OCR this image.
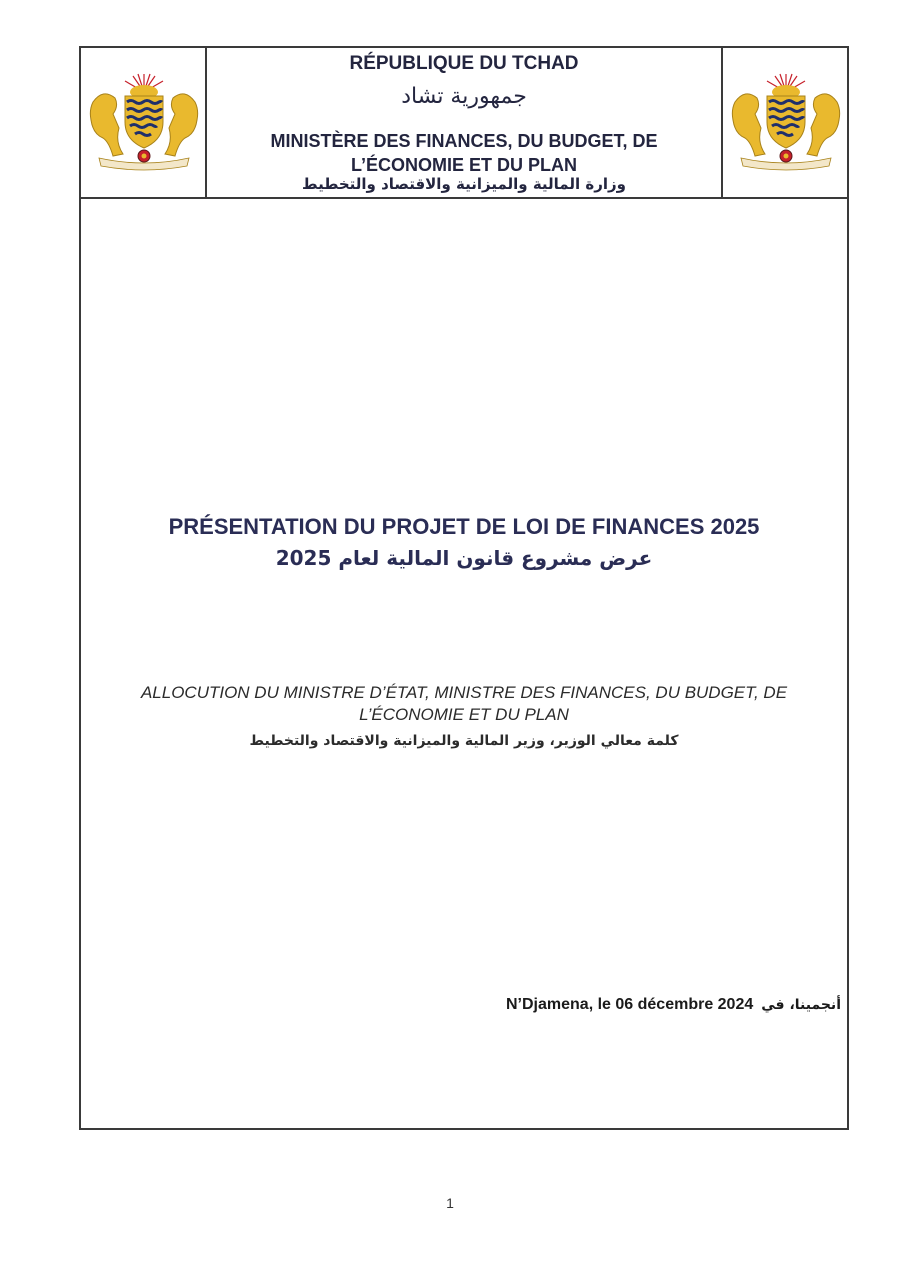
RÉPUBLIQUE DU TCHAD
جمهورية تشاد
MINISTÈRE DES FINANCES, DU BUDGET, DE
L’ÉCONOMIE ET DU PLAN
وزارة المالية والميزانية والاقتصاد والتخطيط
PRÉSENTATION DU PROJET DE LOI DE FINANCES 2025
عرض مشروع قانون المالية لعام 2025
ALLOCUTION DU MINISTRE D’ÉTAT, MINISTRE DES FINANCES, DU BUDGET, DE
L’ÉCONOMIE ET DU PLAN
كلمة معالي الوزير، وزير المالية والميزانية والاقتصاد والتخطيط
N’Djamena, le 06 décembre 2024 أنجمينا، في
1
